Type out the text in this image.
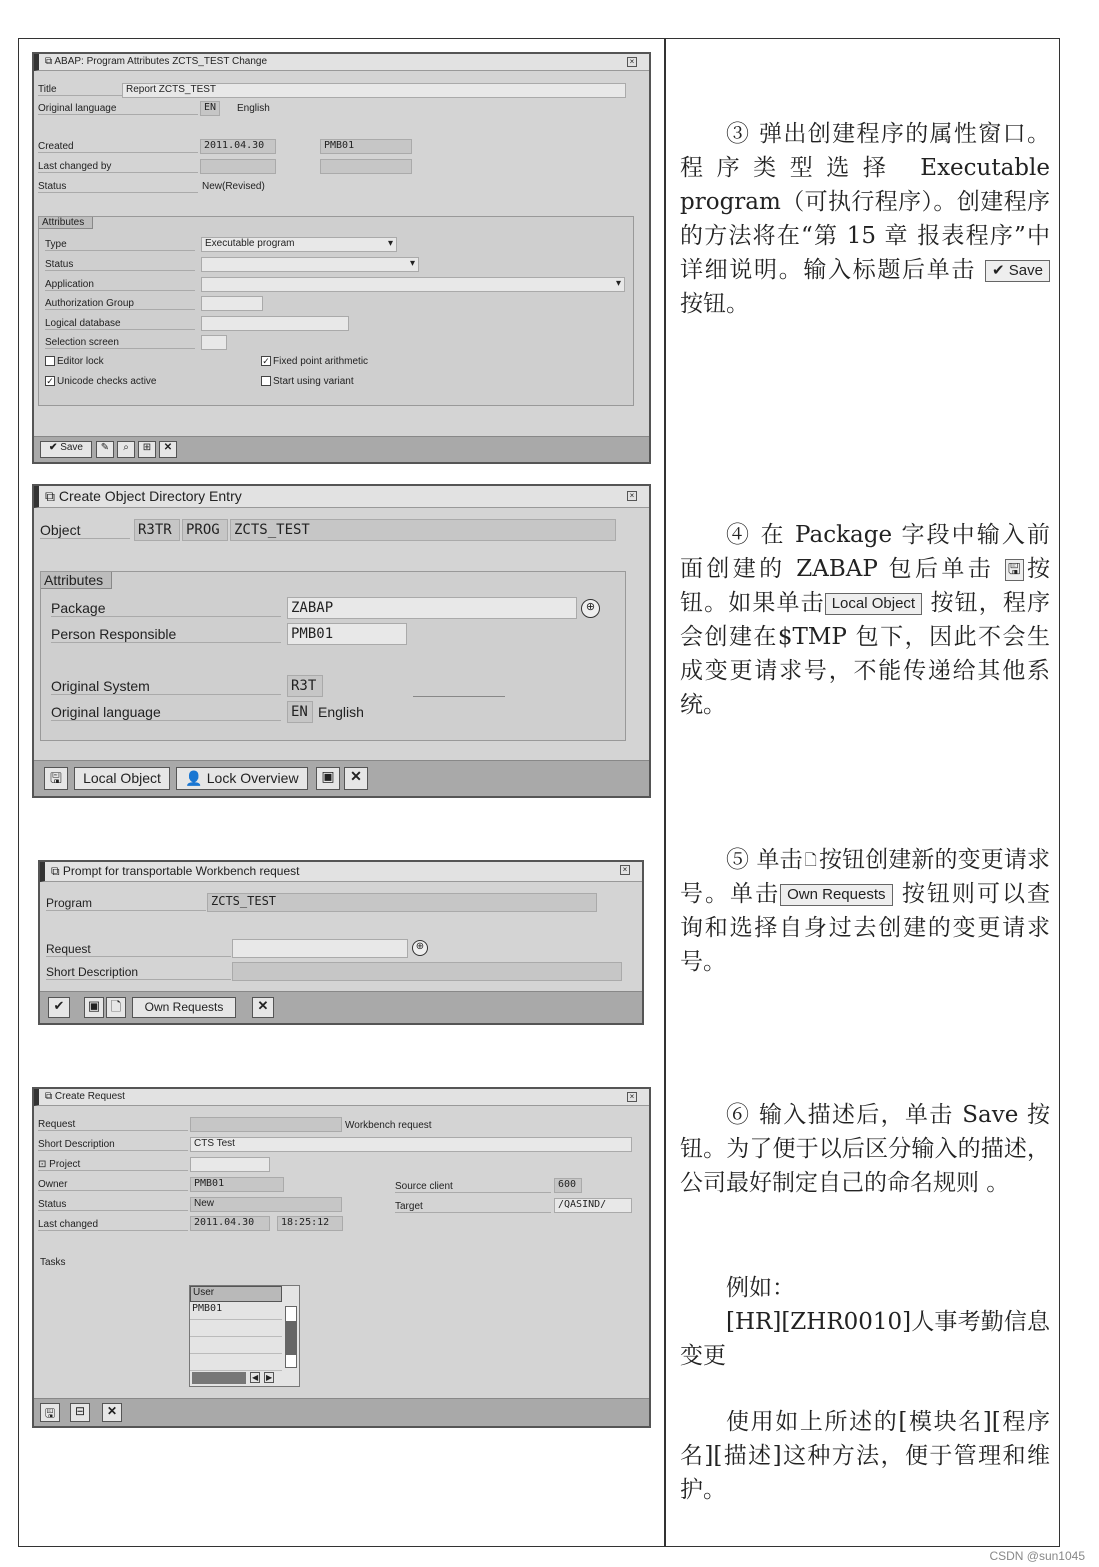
⧉ ABAP: Program Attributes ZCTS_TEST Change	×
Title	Report ZCTS_TEST
Original language	EN	English
Created	2011.04.30	PMB01
Last changed by
Status	New(Revised)
Attributes
Type	Executable program	▾
Status	▾
Application	▾
Authorization Group
Logical database
Selection screen
Editor lock
✓ Unicode checks active
✓ Fixed point arithmetic
Start using variant
✔ Save	✎	⌕	⊞	✕
⧉ Create Object Directory Entry	×
Object	R3TR	PROG	ZCTS_TEST
Attributes
Package	ZABAP	⊕
Person Responsible	PMB01
Original System	R3T
Original language	EN English
🖫	Local Object	👤 Lock Overview	▣	✕
⧉ Prompt for transportable Workbench request	×
Program	ZCTS_TEST
Request	⊕
Short Description
✔	▣ 🗋	Own Requests	✕
⧉ Create Request	×
Request	Workbench request
Short Description	CTS Test
⊡ Project
Owner	PMB01
Status	New
Last changed	2011.04.30	18:25:12
Source client	600
Target	/QASIND/
Tasks
User
PMB01
◀ ▶
🖫	⊟	✕

③ 弹出创建程序的属性窗口。程序类型选择 Executable program（可执行程序）。创建程序的方法将在“第 15 章 报表程序”中详细说明。输入标题后单击 ✔ Save 按钮。

④ 在 Package 字段中输入前面创建的 ZABAP 包后单击 🖫 按钮。如果单击 Local Object 按钮，程序会创建在$TMP 包下，因此不会生成变更请求号，不能传递给其他系统。

⑤ 单击 🗋按钮创建新的变更请求号。单击 Own Requests 按钮则可以查询和选择自身过去创建的变更请求号。

⑥ 输入描述后，单击 Save 按钮。为了便于以后区分输入的描述，公司最好制定自己的命名规则 。

例如：

[HR][ZHR0010]人事考勤信息变更

使用如上所述的[模块名][程序名][描述]这种方法，便于管理和维护。

CSDN @sun1045
